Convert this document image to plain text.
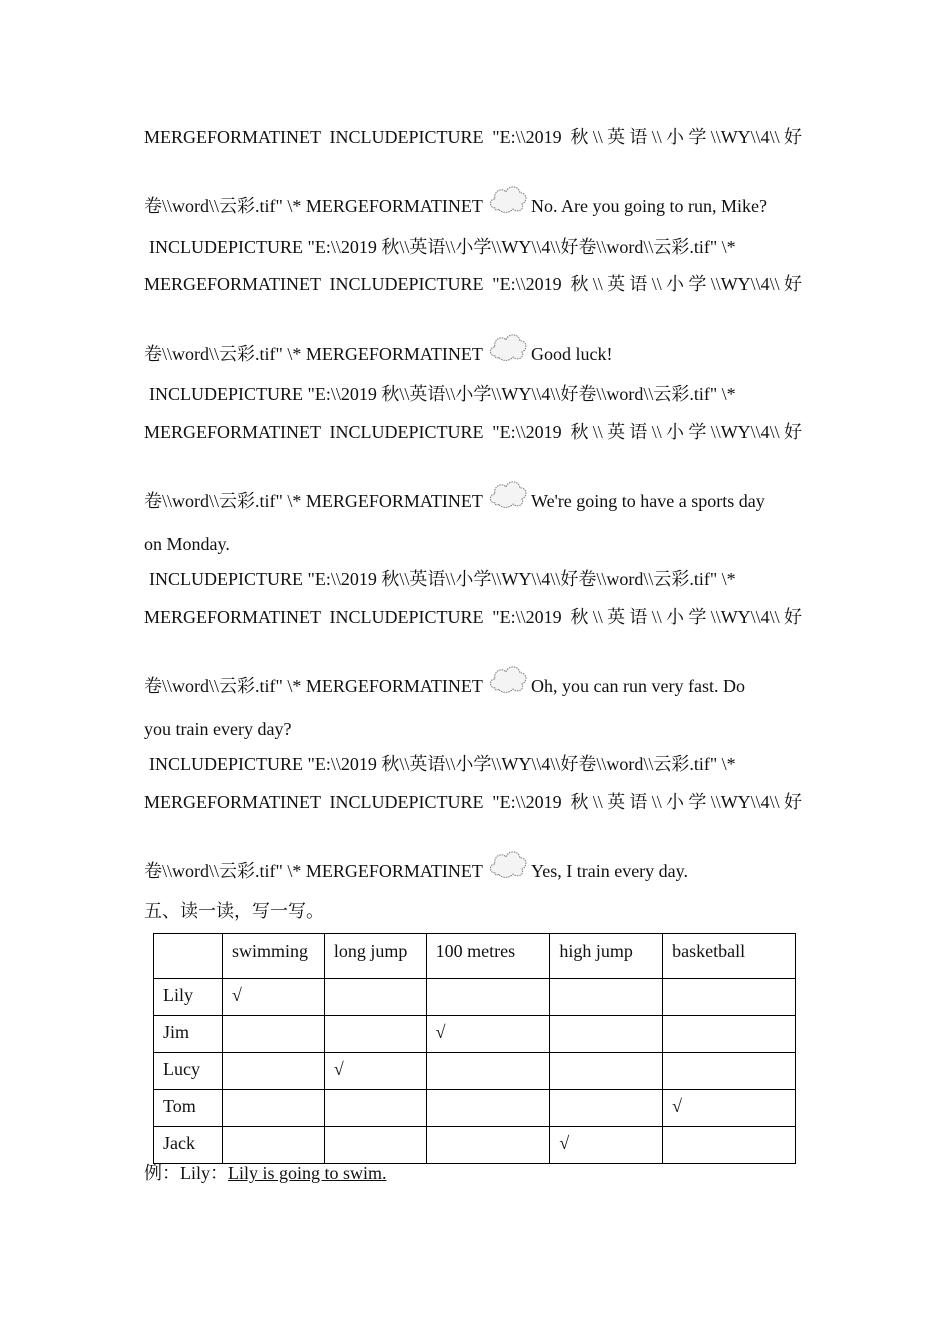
MERGEFORMATINET INCLUDEPICTURE "E:\\2019 秋\\英语\\小学\\WY\\4\\好
卷\\word\\云彩.tif" \* MERGEFORMATINET	No. Are you going to run, Mike?
INCLUDEPICTURE "E:\\2019 秋\\英语\\小学\\WY\\4\\好卷\\word\\云彩.tif" \*
MERGEFORMATINET INCLUDEPICTURE "E:\\2019 秋\\英语\\小学\\WY\\4\\好
卷\\word\\云彩.tif" \* MERGEFORMATINET	Good luck!
INCLUDEPICTURE "E:\\2019 秋\\英语\\小学\\WY\\4\\好卷\\word\\云彩.tif" \*
MERGEFORMATINET INCLUDEPICTURE "E:\\2019 秋\\英语\\小学\\WY\\4\\好
卷\\word\\云彩.tif" \* MERGEFORMATINET	We're going to have a sports day
on Monday.
INCLUDEPICTURE "E:\\2019 秋\\英语\\小学\\WY\\4\\好卷\\word\\云彩.tif" \*
MERGEFORMATINET INCLUDEPICTURE "E:\\2019 秋\\英语\\小学\\WY\\4\\好
卷\\word\\云彩.tif" \* MERGEFORMATINET	Oh, you can run very fast. Do
you train every day?
INCLUDEPICTURE "E:\\2019 秋\\英语\\小学\\WY\\4\\好卷\\word\\云彩.tif" \*
MERGEFORMATINET INCLUDEPICTURE "E:\\2019 秋\\英语\\小学\\WY\\4\\好
卷\\word\\云彩.tif" \* MERGEFORMATINET	Yes, I train every day.
五、读一读，写一写。
	swimming	long jump	100 metres	high jump	basketball
Lily	√				
Jim			√		
Lucy		√			
Tom					√
Jack				√	
例：Lily：Lily is going to swim.
